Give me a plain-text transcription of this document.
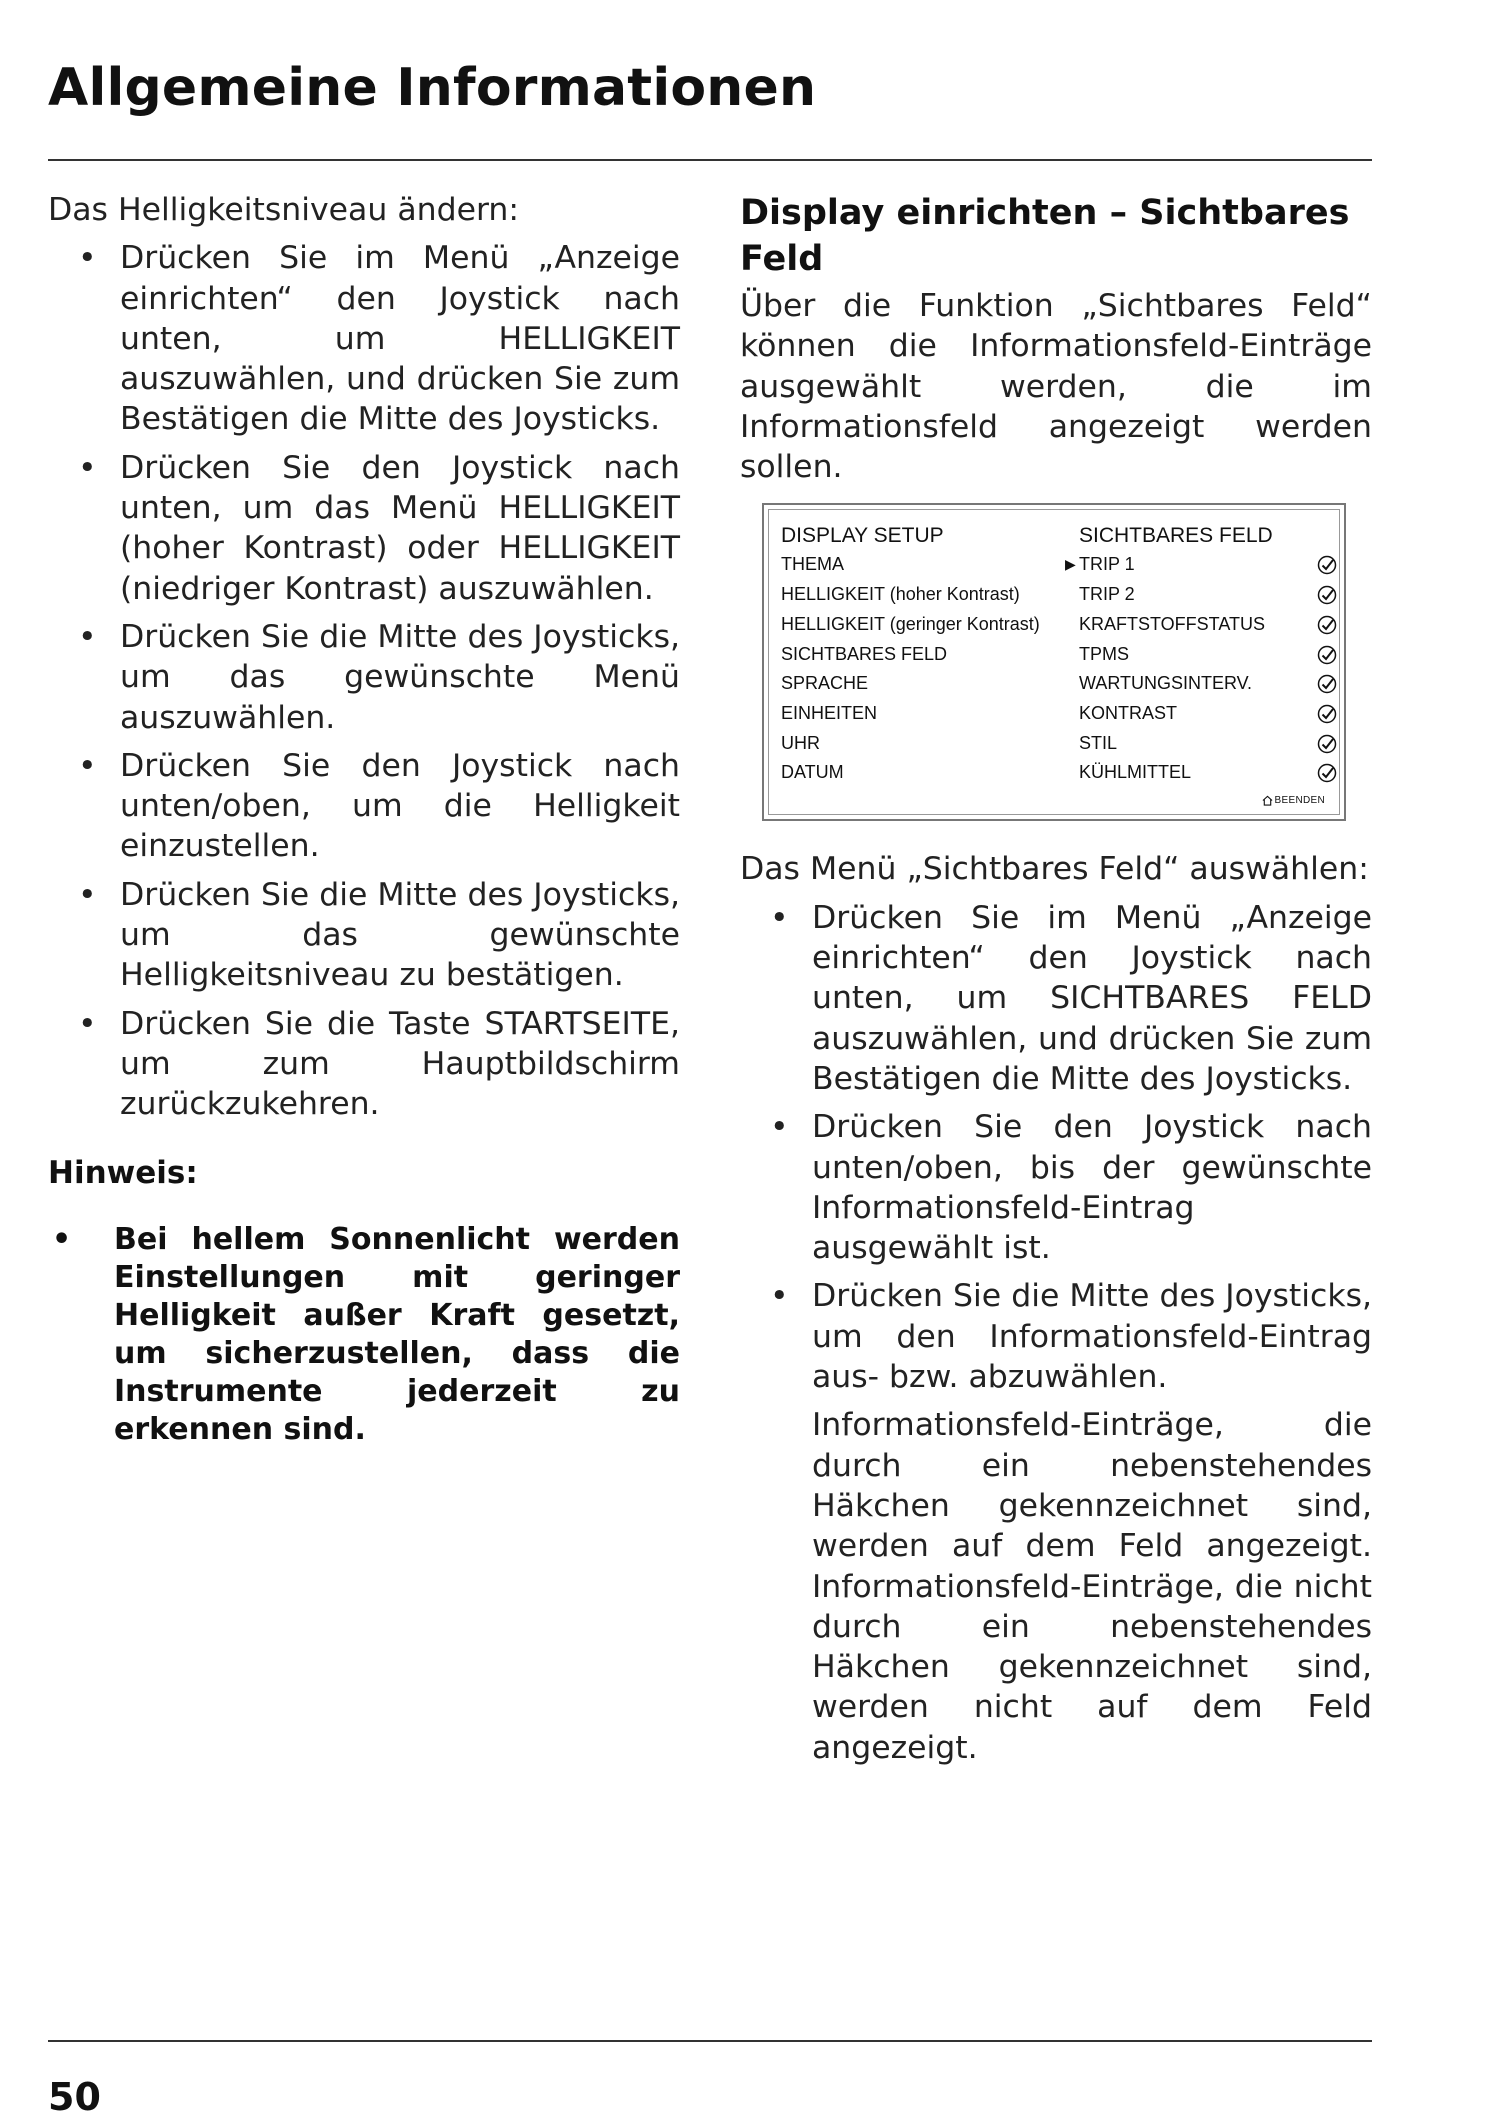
Allgemeine Informationen

Das Helligkeitsniveau ändern:

• Drücken Sie im Menü „Anzeige einrichten“ den Joystick nach unten, um HELLIGKEIT auszuwählen, und drücken Sie zum Bestätigen die Mitte des Joysticks.
• Drücken Sie den Joystick nach unten, um das Menü HELLIGKEIT (hoher Kontrast) oder HELLIGKEIT (niedriger Kontrast) auszuwählen.
• Drücken Sie die Mitte des Joysticks, um das gewünschte Menü auszuwählen.
• Drücken Sie den Joystick nach unten/oben, um die Helligkeit einzustellen.
• Drücken Sie die Mitte des Joysticks, um das gewünschte Helligkeitsniveau zu bestätigen.
• Drücken Sie die Taste STARTSEITE, um zum Hauptbildschirm zurückzukehren.

Hinweis:

• Bei hellem Sonnenlicht werden Einstellungen mit geringer Helligkeit außer Kraft gesetzt, um sicherzustellen, dass die Instrumente jederzeit zu erkennen sind.
Display einrichten – Sichtbares Feld

Über die Funktion „Sichtbares Feld“ können die Informationsfeld-Einträge ausgewählt werden, die im Informationsfeld angezeigt werden sollen.

DISPLAY SETUP
THEMA
HELLIGKEIT (hoher Kontrast)
HELLIGKEIT (geringer Kontrast)
SICHTBARES FELD
SPRACHE
EINHEITEN
UHR
DATUM
SICHTBARES FELD
▶ TRIP 1
TRIP 2
KRAFTSTOFFSTATUS
TPMS
WARTUNGSINTERV.
KONTRAST
STIL
KÜHLMITTEL
BEENDEN

Das Menü „Sichtbares Feld“ auswählen:

• Drücken Sie im Menü „Anzeige einrichten“ den Joystick nach unten, um SICHTBARES FELD auszuwählen, und drücken Sie zum Bestätigen die Mitte des Joysticks.
• Drücken Sie den Joystick nach unten/oben, bis der gewünschte Informationsfeld-Eintrag ausgewählt ist.
• Drücken Sie die Mitte des Joysticks, um den Informationsfeld-Eintrag aus- bzw. abzuwählen.

Informationsfeld-Einträge, die durch ein nebenstehendes Häkchen gekennzeichnet sind, werden auf dem Feld angezeigt. Informationsfeld-Einträge, die nicht durch ein nebenstehendes Häkchen gekennzeichnet sind, werden nicht auf dem Feld angezeigt.

50
